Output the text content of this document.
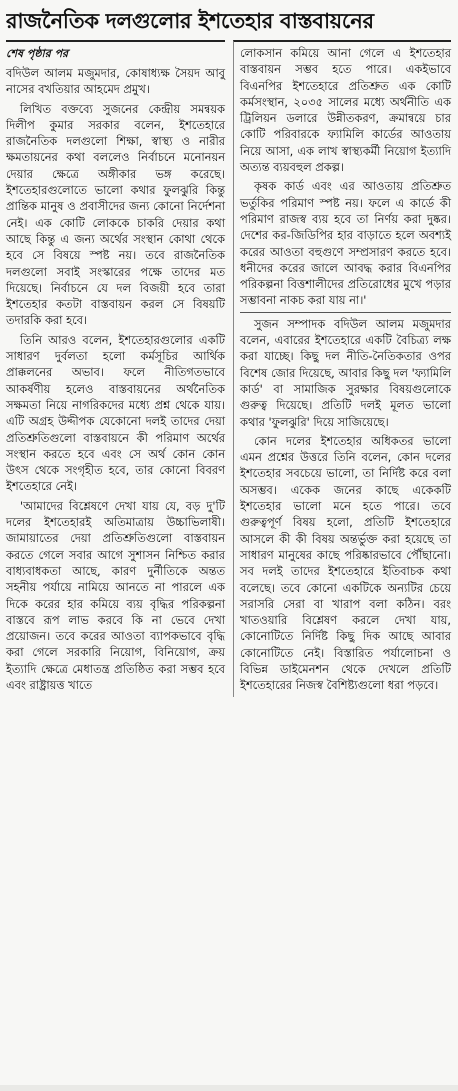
রাজনৈতিক দলগুলোর ইশতেহার বাস্তবায়নের
শেষ পৃষ্ঠার পর

বদিউল আলম মজুমদার, কোষাধ্যক্ষ সৈয়দ আবু নাসের বখতিয়ার আহমেদ প্রমুখ।

লিখিত বক্তব্যে সুজনের কেন্দ্রীয় সমন্বয়ক দিলীপ কুমার সরকার বলেন, ইশতেহারে রাজনৈতিক দলগুলো শিক্ষা, স্বাস্থ্য ও নারীর ক্ষমতায়নের কথা বললেও নির্বাচনে মনোনয়ন দেয়ার ক্ষেত্রে অঙ্গীকার ভঙ্গ করেছে। ইশতেহারগুলোতে ভালো কথার ফুলঝুরি কিন্তু প্রান্তিক মানুষ ও প্রবাসীদের জন্য কোনো নির্দেশনা নেই। এক কোটি লোককে চাকরি দেয়ার কথা আছে কিন্তু এ জন্য অর্থের সংস্থান কোথা থেকে হবে সে বিষয়ে স্পষ্ট নয়। তবে রাজনৈতিক দলগুলো সবাই সংস্কারের পক্ষে তাদের মত দিয়েছে। নির্বাচনে যে দল বিজয়ী হবে তারা ইশতেহার কতটা বাস্তবায়ন করল সে বিষয়টি তদারকি করা হবে।

তিনি আরও বলেন, ইশতেহারগুলোর একটি সাধারণ দুর্বলতা হলো কর্মসূচির আর্থিক প্রাক্কলনের অভাব। ফলে নীতিগতভাবে আকর্ষণীয় হলেও বাস্তবায়নের অর্থনৈতিক সক্ষমতা নিয়ে নাগরিকদের মধ্যে প্রশ্ন থেকে যায়। এটি অগ্রহ উদ্দীপক যেকোনো দলই তাদের দেয়া প্রতিশ্রুতিগুলো বাস্তবায়নে কী পরিমাণ অর্থের সংস্থান করতে হবে এবং সে অর্থ কোন কোন উৎস থেকে সংগৃহীত হবে, তার কোনো বিবরণ ইশতেহারে নেই।

'আমাদের বিশ্লেষণে দেখা যায় যে, বড় দু'টি দলের ইশতেহারই অতিমাত্রায় উচ্চাভিলাষী। জামায়াতের দেয়া প্রতিশ্রুতিগুলো বাস্তবায়ন করতে গেলে সবার আগে সুশাসন নিশ্চিত করার বাধ্যবাধকতা আছে, কারণ দুর্নীতিকে অন্তত সহনীয় পর্যায়ে নামিয়ে আনতে না পারলে এক দিকে করের হার কমিয়ে ব্যয় বৃদ্ধির পরিকল্পনা বাস্তবে রূপ লাভ করবে কি না ভেবে দেখা প্রয়োজন। তবে করের আওতা ব্যাপকভাবে বৃদ্ধি করা গেলে সরকারি নিয়োগ, বিনিয়োগ, ক্রয় ইত্যাদি ক্ষেত্রে মেধাতন্ত্র প্রতিষ্ঠিত করা সম্ভব হবে এবং রাষ্ট্রায়ত্ত খাতে

লোকসান কমিয়ে আনা গেলে এ ইশতেহার বাস্তবায়ন সম্ভব হতে পারে। একইভাবে বিএনপির ইশতেহারে প্রতিশ্রুত এক কোটি কর্মসংস্থান, ২০৩৫ সালের মধ্যে অর্থনীতি এক ট্রিলিয়ন ডলারে উন্নীতকরণ, ক্রমান্বয়ে চার কোটি পরিবারকে ফ্যামিলি কার্ডের আওতায় নিয়ে আসা, এক লাখ স্বাস্থ্যকর্মী নিয়োগ ইত্যাদি অত্যন্ত ব্যয়বহুল প্রকল্প।

কৃষক কার্ড এবং এর আওতায় প্রতিশ্রুত ভর্তুকির পরিমাণ স্পষ্ট নয়। ফলে এ কার্ডে কী পরিমাণ রাজস্ব ব্যয় হবে তা নির্ণয় করা দুষ্কর। দেশের কর-জিডিপির হার বাড়াতে হলে অবশ্যই করের আওতা বহুগুণে সম্প্রসারণ করতে হবে। ধনীদের করের জালে আবদ্ধ করার বিএনপির পরিকল্পনা বিত্তশালীদের প্রতিরোধের মুখে পড়ার সম্ভাবনা নাকচ করা যায় না।'

সুজন সম্পাদক বদিউল আলম মজুমদার বলেন, এবারের ইশতেহারে একটি বৈচিত্র্য লক্ষ করা যাচ্ছে। কিছু দল নীতি-নৈতিকতার ওপর বিশেষ জোর দিয়েছে, আবার কিছু দল 'ফ্যামিলি কার্ড' বা সামাজিক সুরক্ষার বিষয়গুলোকে গুরুত্ব দিয়েছে। প্রতিটি দলই মূলত ভালো কথার 'ফুলঝুরি' দিয়ে সাজিয়েছে।

কোন দলের ইশতেহার অধিকতর ভালো এমন প্রশ্নের উত্তরে তিনি বলেন, কোন দলের ইশতেহার সবচেয়ে ভালো, তা নির্দিষ্ট করে বলা অসম্ভব। একেক জনের কাছে একেকটি ইশতেহার ভালো মনে হতে পারে। তবে গুরুত্বপূর্ণ বিষয় হলো, প্রতিটি ইশতেহারে আসলে কী কী বিষয় অন্তর্ভুক্ত করা হয়েছে তা সাধারণ মানুষের কাছে পরিষ্কারভাবে পৌঁছানো। সব দলই তাদের ইশতেহারে ইতিবাচক কথা বলেছে। তবে কোনো একটিকে অন্যটির চেয়ে সরাসরি সেরা বা খারাপ বলা কঠিন। বরং খাতওয়ারি বিশ্লেষণ করলে দেখা যায়, কোনোটিতে নির্দিষ্ট কিছু দিক আছে আবার কোনোটিতে নেই। বিস্তারিত পর্যালোচনা ও বিভিন্ন ডাইমেনশন থেকে দেখলে প্রতিটি ইশতেহারের নিজস্ব বৈশিষ্ট্যগুলো ধরা পড়বে।
